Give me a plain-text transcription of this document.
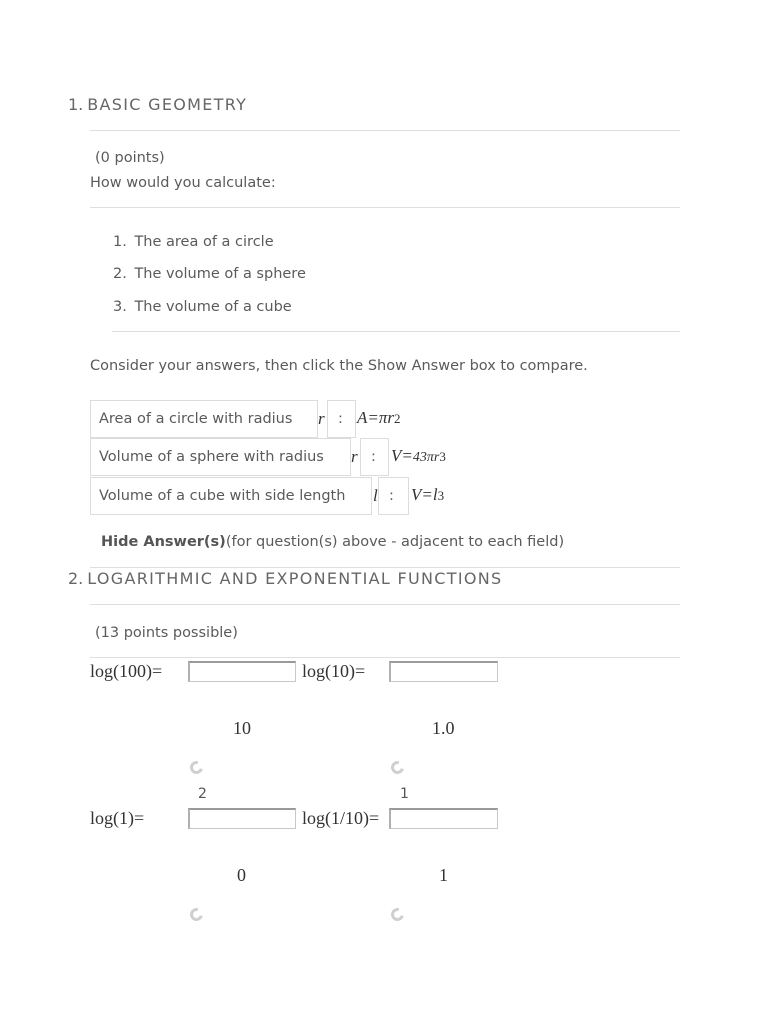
1. BASIC GEOMETRY
(0 points)
How would you calculate:
1. The area of a circle
2. The volume of a sphere
3. The volume of a cube
Consider your answers, then click the Show Answer box to compare.
Area of a circle with radius r : A=πr2
Volume of a sphere with radius r : V=43πr3
Volume of a cube with side length l : V=l3
Hide Answer(s)(for question(s) above - adjacent to each field)
2. LOGARITHMIC AND EXPONENTIAL FUNCTIONS
(13 points possible)
log(100)=
10
2
log(10)=
1.0
1
log(1)=
0
log(1/10)=
1
